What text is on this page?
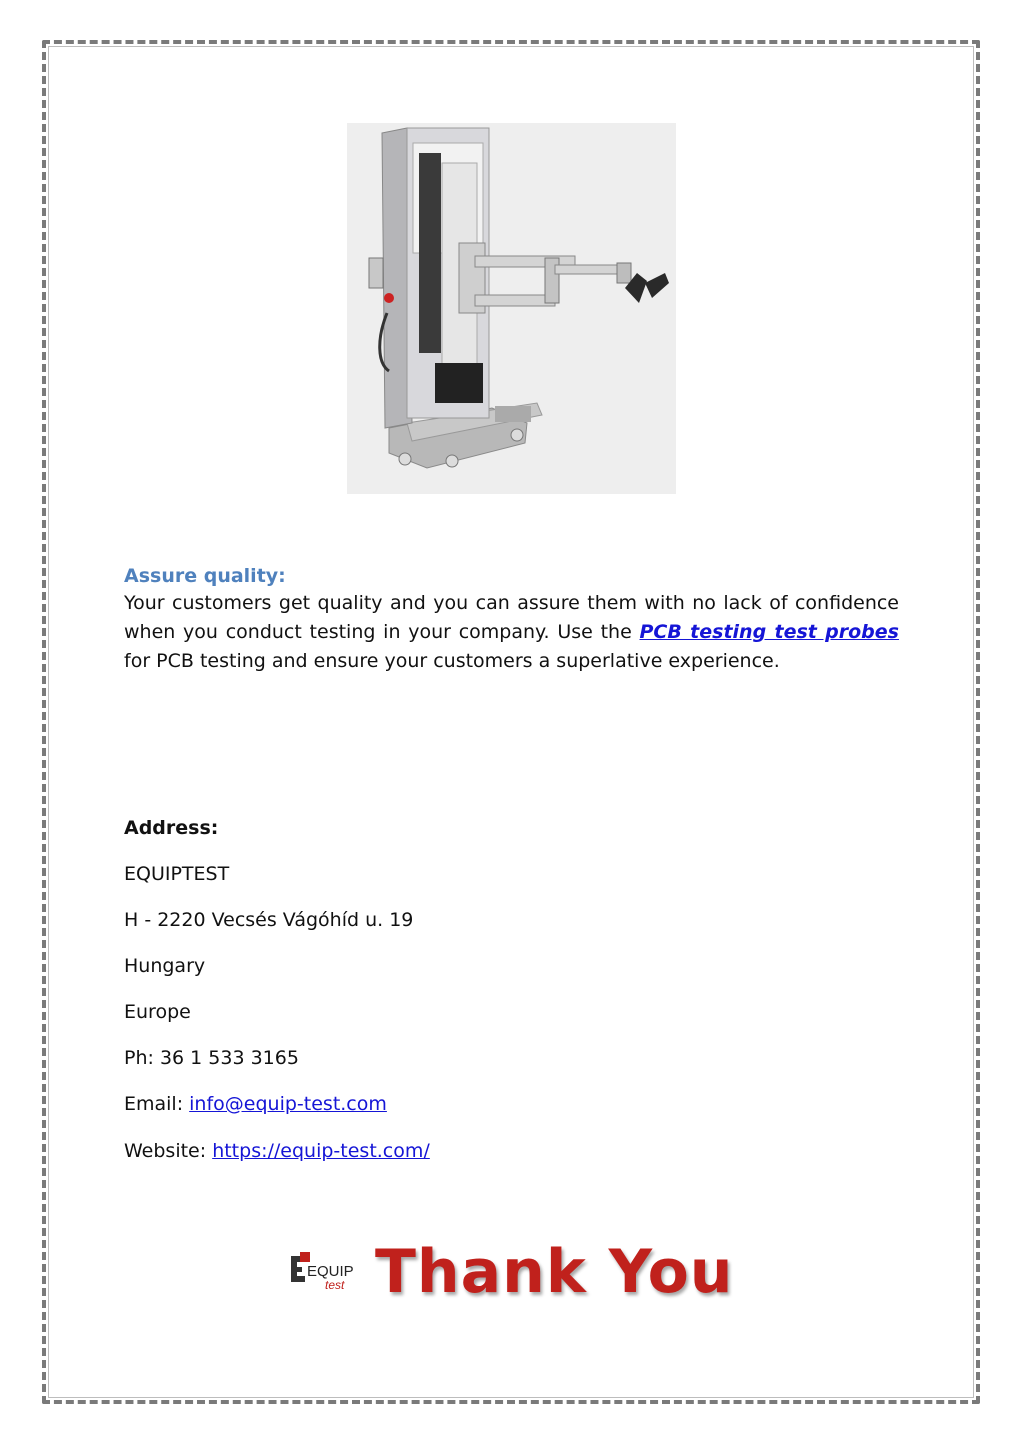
Assure quality:
Your customers get quality and you can assure them with no lack of confidence when you conduct testing in your company. Use the PCB testing test probes for PCB testing and ensure your customers a superlative experience.
Address:
EQUIPTEST
H - 2220 Vecsés Vágóhíd u. 19
Hungary
Europe
Ph: 36 1 533 3165
Email: info@equip-test.com
Website: https://equip-test.com/
EQUIP
test Thank You
